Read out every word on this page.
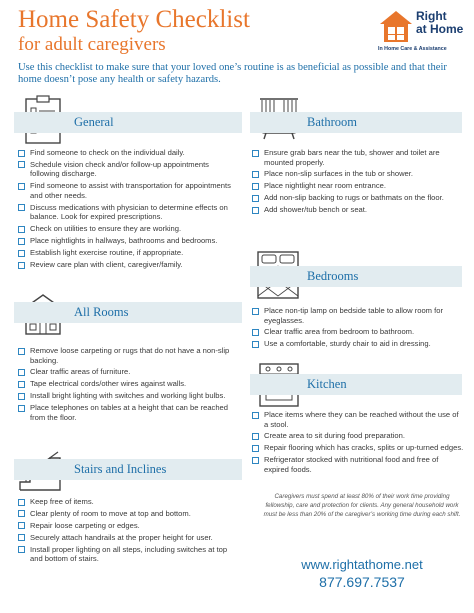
Home Safety Checklist
for adult caregivers
Right
at Home
In Home Care & Assistance
Use this checklist to make sure that your loved one’s routine is as beneficial as possible and that their home doesn’t pose any health or safety hazards.
General
Find someone to check on the individual daily.
Schedule vision check and/or follow-up appointments following discharge.
Find someone to assist with transportation for appointments and other needs.
Discuss medications with physician to determine effects on balance. Look for expired prescriptions.
Check on utilities to ensure they are working.
Place nightlights in hallways, bathrooms and bedrooms.
Establish light exercise routine, if appropriate.
Review care plan with client, caregiver/family.
All Rooms
Remove loose carpeting or rugs that do not have a non-slip backing.
Clear traffic areas of furniture.
Tape electrical cords/other wires against walls.
Install bright lighting with switches and working light bulbs.
Place telephones on tables at a height that can be reached from the floor.
Stairs and Inclines
Keep free of items.
Clear plenty of room to move at top and bottom.
Repair loose carpeting or edges.
Securely attach handrails at the proper height for user.
Install proper lighting on all steps, including switches at top and bottom of stairs.
Bathroom
Ensure grab bars near the tub, shower and toilet are mounted properly.
Place non-slip surfaces in the tub or shower.
Place nightlight near room entrance.
Add non-slip backing to rugs or bathmats on the floor.
Add shower/tub bench or seat.
Bedrooms
Place non-tip lamp on bedside table to allow room for eyeglasses.
Clear traffic area from bedroom to bathroom.
Use a comfortable, sturdy chair to aid in dressing.
Kitchen
Place items where they can be reached without the use of a stool.
Create area to sit during food preparation.
Repair flooring which has cracks, splits or up-turned edges.
Refrigerator stocked with nutritional food and free of expired foods.
Caregivers must spend at least 80% of their work time providing fellowship, care and protection for clients. Any general household work must be less than 20% of the caregiver’s working time during each shift.
www.rightathome.net
877.697.7537
